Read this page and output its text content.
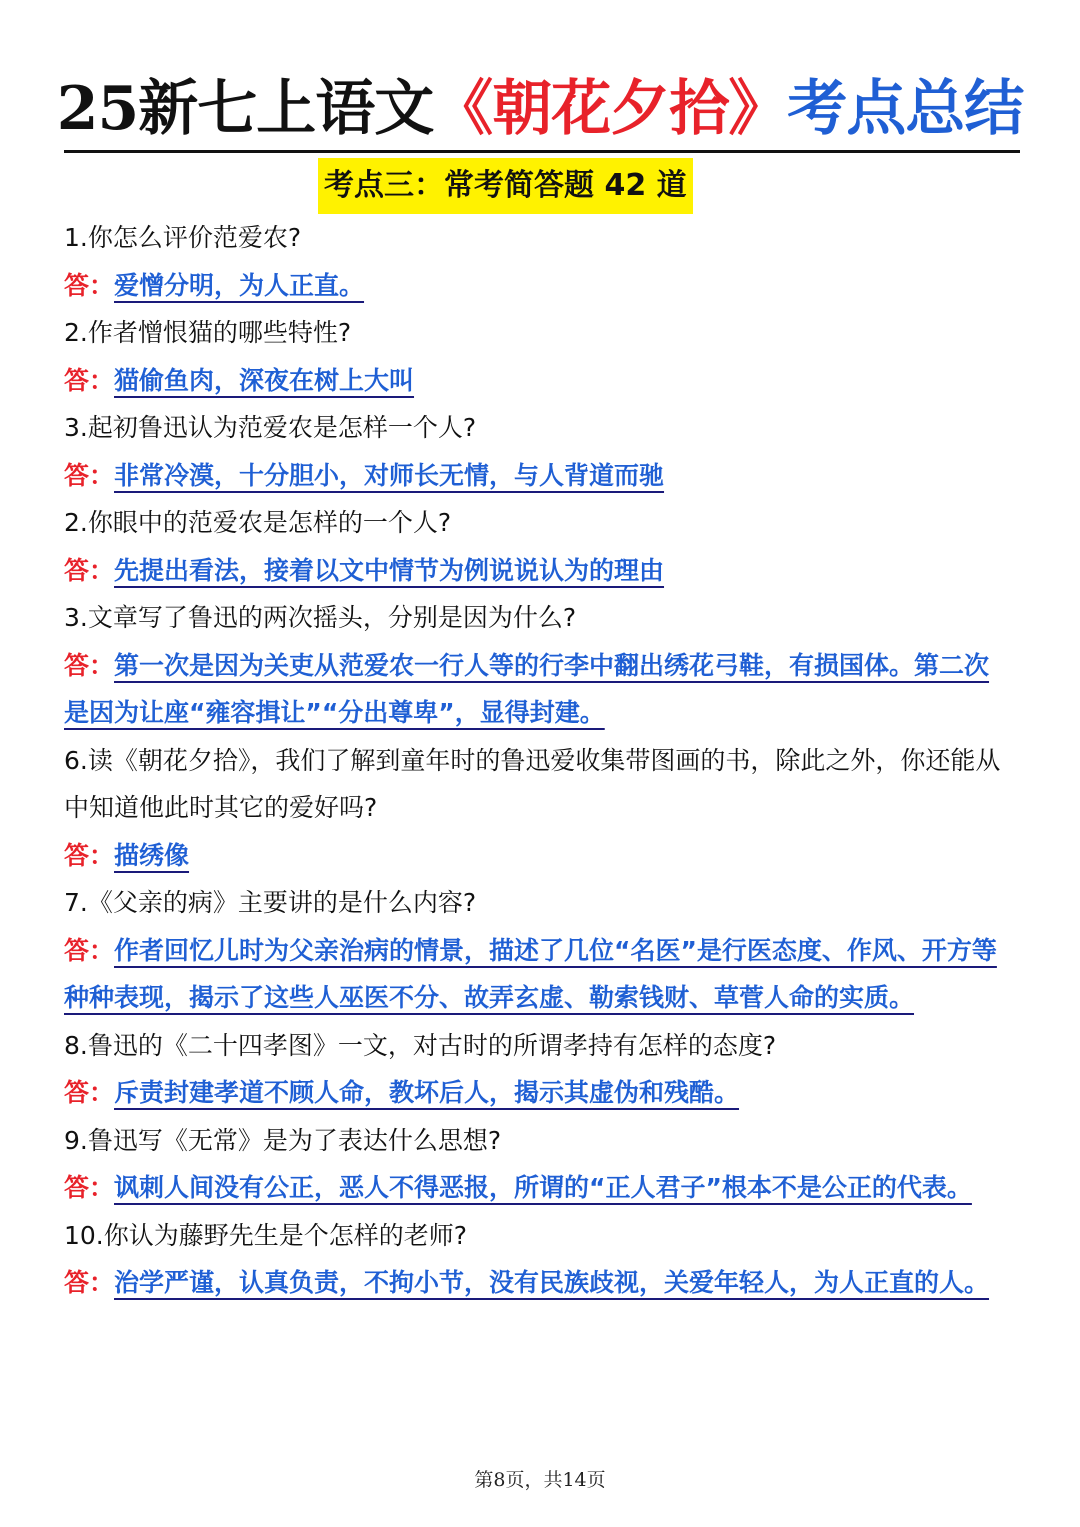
25新七上语文《朝花夕拾》考点总结
考点三：常考简答题 42 道

1.你怎么评价范爱农?

答：爱憎分明，为人正直。

2.作者憎恨猫的哪些特性?

答：猫偷鱼肉，深夜在树上大叫

3.起初鲁迅认为范爱农是怎样一个人?

答：非常冷漠，十分胆小，对师长无情，与人背道而驰

2.你眼中的范爱农是怎样的一个人?

答：先提出看法，接着以文中情节为例说说认为的理由

3.文章写了鲁迅的两次摇头，分别是因为什么?

答：第一次是因为关吏从范爱农一行人等的行李中翻出绣花弓鞋，有损国体。第二次是因为让座“雍容揖让”“分出尊卑”，显得封建。

6.读《朝花夕拾》，我们了解到童年时的鲁迅爱收集带图画的书，除此之外，你还能从中知道他此时其它的爱好吗?

答：描绣像

7.《父亲的病》主要讲的是什么内容?

答：作者回忆儿时为父亲治病的情景，描述了几位“名医”是行医态度、作风、开方等种种表现，揭示了这些人巫医不分、故弄玄虚、勒索钱财、草菅人命的实质。

8.鲁迅的《二十四孝图》一文，对古时的所谓孝持有怎样的态度?

答：斥责封建孝道不顾人命，教坏后人，揭示其虚伪和残酷。

9.鲁迅写《无常》是为了表达什么思想?

答：讽刺人间没有公正，恶人不得恶报，所谓的“正人君子”根本不是公正的代表。

10.你认为藤野先生是个怎样的老师?

答：治学严谨，认真负责，不拘小节，没有民族歧视，关爱年轻人，为人正直的人。

第8页，共14页
